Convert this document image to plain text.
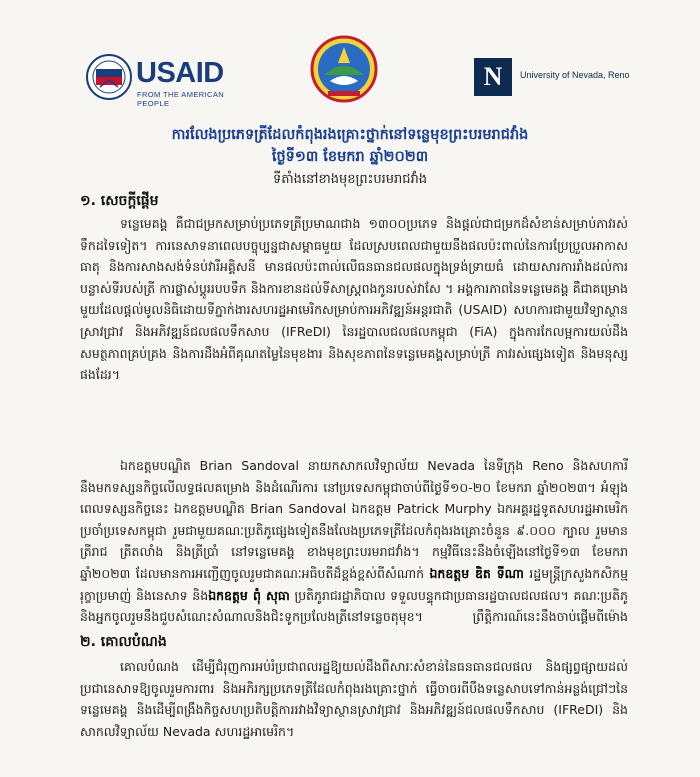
USAID
FROM THE AMERICAN PEOPLE
N	University of Nevada, Reno
ការលែងប្រភេទត្រីដែលកំពុងរងគ្រោះថ្នាក់នៅទន្លេមុខព្រះបរមរាជវាំង
ថ្ងៃទី១៣ ខែមករា ឆ្នាំ២០២៣
ទីតាំងនៅខាងមុខព្រះបរមរាជវាំង
១. សេចក្តីផ្តើម
ទន្លេមេគង្គ គឺជាជម្រកសម្រាប់ប្រភេទត្រីប្រមាណជាង ១៣០០ប្រភេទ និងផ្តល់ជាជម្រកដ៏សំខាន់សម្រាប់ភាវរស់ទឹកដទៃទៀត។ ការនេសាទនាពេលបច្ចុប្បន្នជាសម្ពាធមួយ ដែលស្របពេលជាមួយនឹងផលប៉ះពាល់នៃការប្រែប្រួលអាកាសធាតុ និងការសាងសង់ទំនប់វារីអគ្គិសនី មានផលប៉ះពាល់លើធនធានជលផលក្នុងទ្រង់ទ្រាយធំ ដោយសារការរាំងដល់ការបន្លាស់ទីរបស់ត្រី ការផ្លាស់ប្តូររបបទឹក និងការខានដល់ទីសាស្រ្តពងកូនរបស់វាសែ ។ អង្គការភាពនៃទន្លេមេគង្គ គឺជាគម្រោងមួយដែលផ្តល់មូលនិធិដោយទីភ្នាក់ងារសហរដ្ឋអាមេរិកសម្រាប់ការអភិវឌ្ឍន៍អន្តរជាតិ (USAID) សហការជាមួយវិទ្យាស្ថានស្រាវជ្រាវ និងអភិវឌ្ឍន៍ជលផលទឹកសាប (IFReDI) នៃរដ្ឋបាលជលផលកម្ពុជា (FiA) ក្នុងការកែលម្អការយល់ដឹង សមត្ថភាពគ្រប់គ្រង និងការដឹងអំពីគុណតម្លៃនៃមុខងារ និងសុខភាពនៃទន្លេមេគង្គសម្រាប់ត្រី ភាវរស់ផ្សេងទៀត និងមនុស្សផងដែរ។
ឯកឧត្តមបណ្ឌិត Brian Sandoval នាយកសាកលវិទ្យាល័យ Nevada នៃទីក្រុង Reno និងសហការី នឹងមកទស្សនកិច្ចលើលទ្ធផលគម្រោង និងដំណើរការ នៅប្រទេសកម្ពុជាចាប់ពីថ្ងៃទី១០-២០ ខែមករា ឆ្នាំ២០២៣។ អំឡុងពេលទស្សនកិច្ចនេះ ឯកឧត្តមបណ្ឌិត Brian Sandoval ឯកឧត្តម Patrick Murphy ឯកអគ្គរដ្ឋទូតសហរដ្ឋអាមេរិកប្រចាំប្រទេសកម្ពុជា រួមជាមួយគណៈប្រតិភូផ្សេងទៀតនឹងលែងប្រភេទត្រីដែលកំពុងរងគ្រោះចំនួន ៩.០០០ ក្បាល រួមមានត្រីរាជ ត្រីតលាំង និងត្រីប្រាំ នៅទន្លេមេគង្គ ខាងមុខព្រះបរមរាជវាំង។ កម្មវិធីនេះនឹងចំឡើងនៅថ្ងៃទី១៣ ខែមករា ឆ្នាំ២០២៣ ដែលមានការអញ្ជើញចូលរួមជាគណៈអធិបតីដ៏ខ្ពង់ខ្ពស់ពីសំណាក់ ឯកឧត្តម ឌិត ទីណា រដ្ឋមន្ត្រីក្រសួងកសិកម្ម រុក្ខាប្រមាញ់ និងនេសាទ និងឯកឧត្តម ពុំ សុធា ប្រតិភូរាជរដ្ឋាភិបាល ទទួលបន្ទុកជាប្រធានរដ្ឋបាលជលផល។ គណៈប្រតិភូ និងអ្នកចូលរួមនឹងជួបសំណេះសំណាលនិងជិះទូកប្រលែងត្រីនៅទន្លេចតុមុខ។ ព្រឹត្តិការណ៍នេះនឹងចាប់ផ្តើមពីម៉ោង
២. គោលបំណង
គោលបំណង ដើម្បីជំរុញការអប់រំប្រជាពលរដ្ឋឱ្យយល់ដឹងពីសារៈសំខាន់នៃធនធានជលផល និងផ្សព្វផ្សាយដល់ប្រជានេសាទឱ្យចូលរួមការពារ និងអភិរក្សប្រភេទត្រីដែលកំពុងរងគ្រោះថ្នាក់ ធ្វើចាចរពីបឹងទន្លេសាបទៅកាន់អន្លង់ជ្រៅៗនៃទន្លេមេគង្គ និងដើម្បីពង្រឹងកិច្ចសហប្រតិបត្តិការរវាងវិទ្យាស្ថានស្រាវជ្រាវ និងអភិវឌ្ឍន៍ជលផលទឹកសាប (IFReDI) និងសាកលវិទ្យាល័យ Nevada សហរដ្ឋអាមេរិក។
